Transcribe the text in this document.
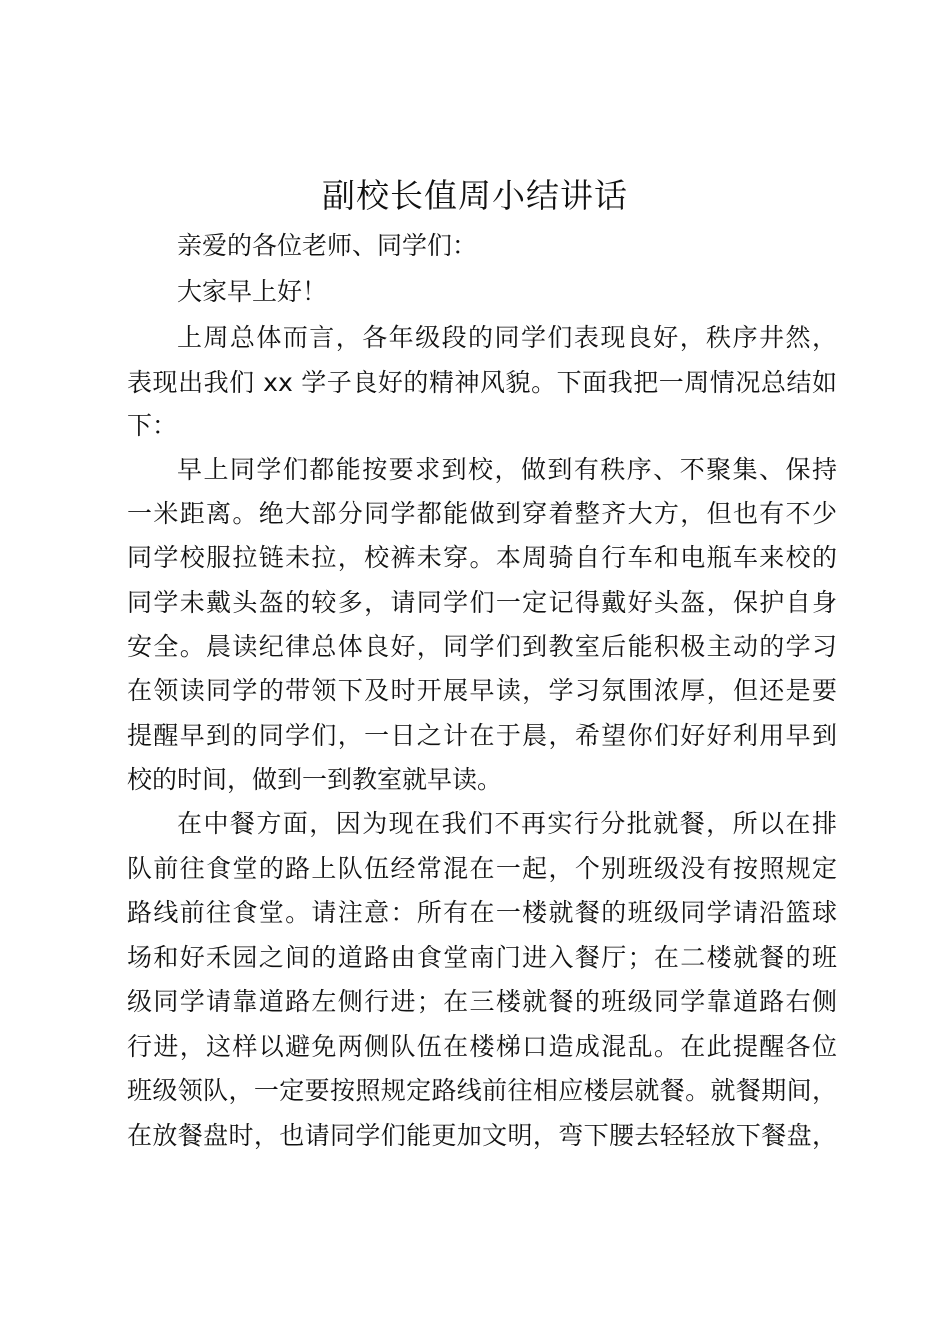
副校长值周小结讲话
亲爱的各位老师、同学们：
大家早上好！
上周总体而言，各年级段的同学们表现良好，秩序井然，
表现出我们 xx 学子良好的精神风貌。下面我把一周情况总结如
下：
早上同学们都能按要求到校，做到有秩序、不聚集、保持
一米距离。绝大部分同学都能做到穿着整齐大方，但也有不少
同学校服拉链未拉，校裤未穿。本周骑自行车和电瓶车来校的
同学未戴头盔的较多，请同学们一定记得戴好头盔，保护自身
安全。晨读纪律总体良好，同学们到教室后能积极主动的学习
在领读同学的带领下及时开展早读，学习氛围浓厚，但还是要
提醒早到的同学们，一日之计在于晨，希望你们好好利用早到
校的时间，做到一到教室就早读。
在中餐方面，因为现在我们不再实行分批就餐，所以在排
队前往食堂的路上队伍经常混在一起，个别班级没有按照规定
路线前往食堂。请注意：所有在一楼就餐的班级同学请沿篮球
场和好禾园之间的道路由食堂南门进入餐厅；在二楼就餐的班
级同学请靠道路左侧行进；在三楼就餐的班级同学靠道路右侧
行进，这样以避免两侧队伍在楼梯口造成混乱。在此提醒各位
班级领队，一定要按照规定路线前往相应楼层就餐。就餐期间，
在放餐盘时，也请同学们能更加文明，弯下腰去轻轻放下餐盘，
